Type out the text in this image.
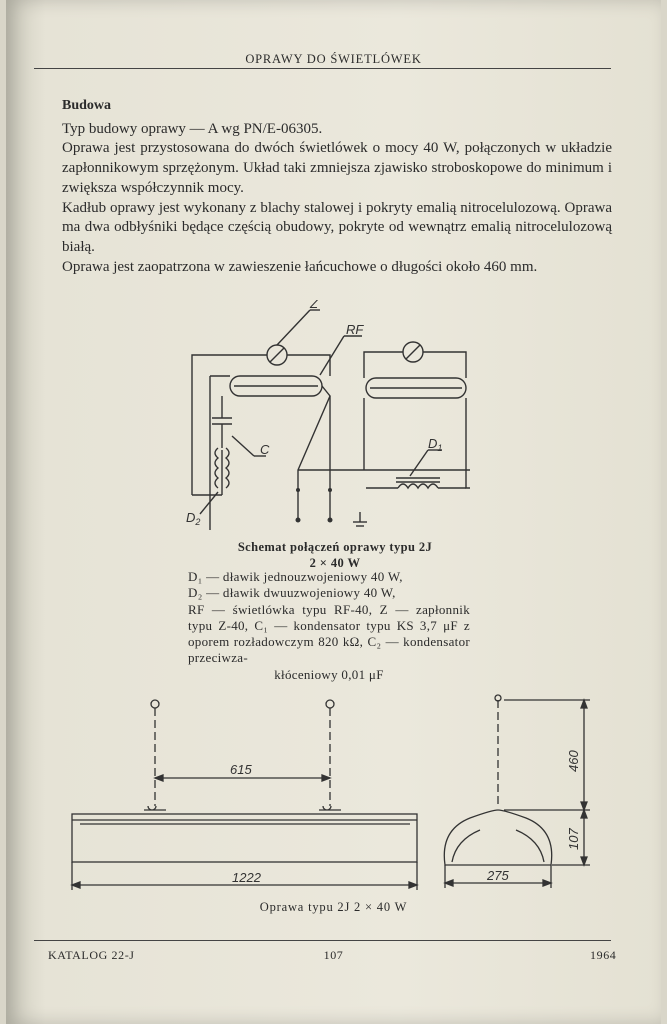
OPRAWY DO ŚWIETLÓWEK
Budowa

Typ budowy oprawy — A wg PN/E-06305.

Oprawa jest przystosowana do dwóch świetlówek o mocy 40 W, połączonych w układzie zapłonnikowym sprzężonym. Układ taki zmniejsza zjawisko stroboskopowe do minimum i zwiększa współczynnik mocy.

Kadłub oprawy jest wykonany z blachy stalowej i pokryty emalią nitrocelulozową. Oprawa ma dwa odbłyśniki będące częścią obudowy, pokryte od wewnątrz emalią nitrocelulozową białą.

Oprawa jest zaopatrzona w zawieszenie łańcuchowe o długości około 460 mm.

Z
RF
C	$D_1$
$D_2$
Schemat połączeń oprawy typu 2J
2 × 40 W
D₁ — dławik jednouzwojeniowy 40 W,
D₂ — dławik dwuuzwojeniowy 40 W,
RF — świetlówka typu RF-40, Z — zapłonnik typu Z-40, C₁ — kondensator typu KS 3,7 μF z oporem rozładowczym 820 kΩ, C₂ — kondensator przeciwza-
kłóceniowy 0,01 μF
615
1222	275
460
107
Oprawa typu 2J 2 × 40 W
KATALOG 22-J	107	1964
